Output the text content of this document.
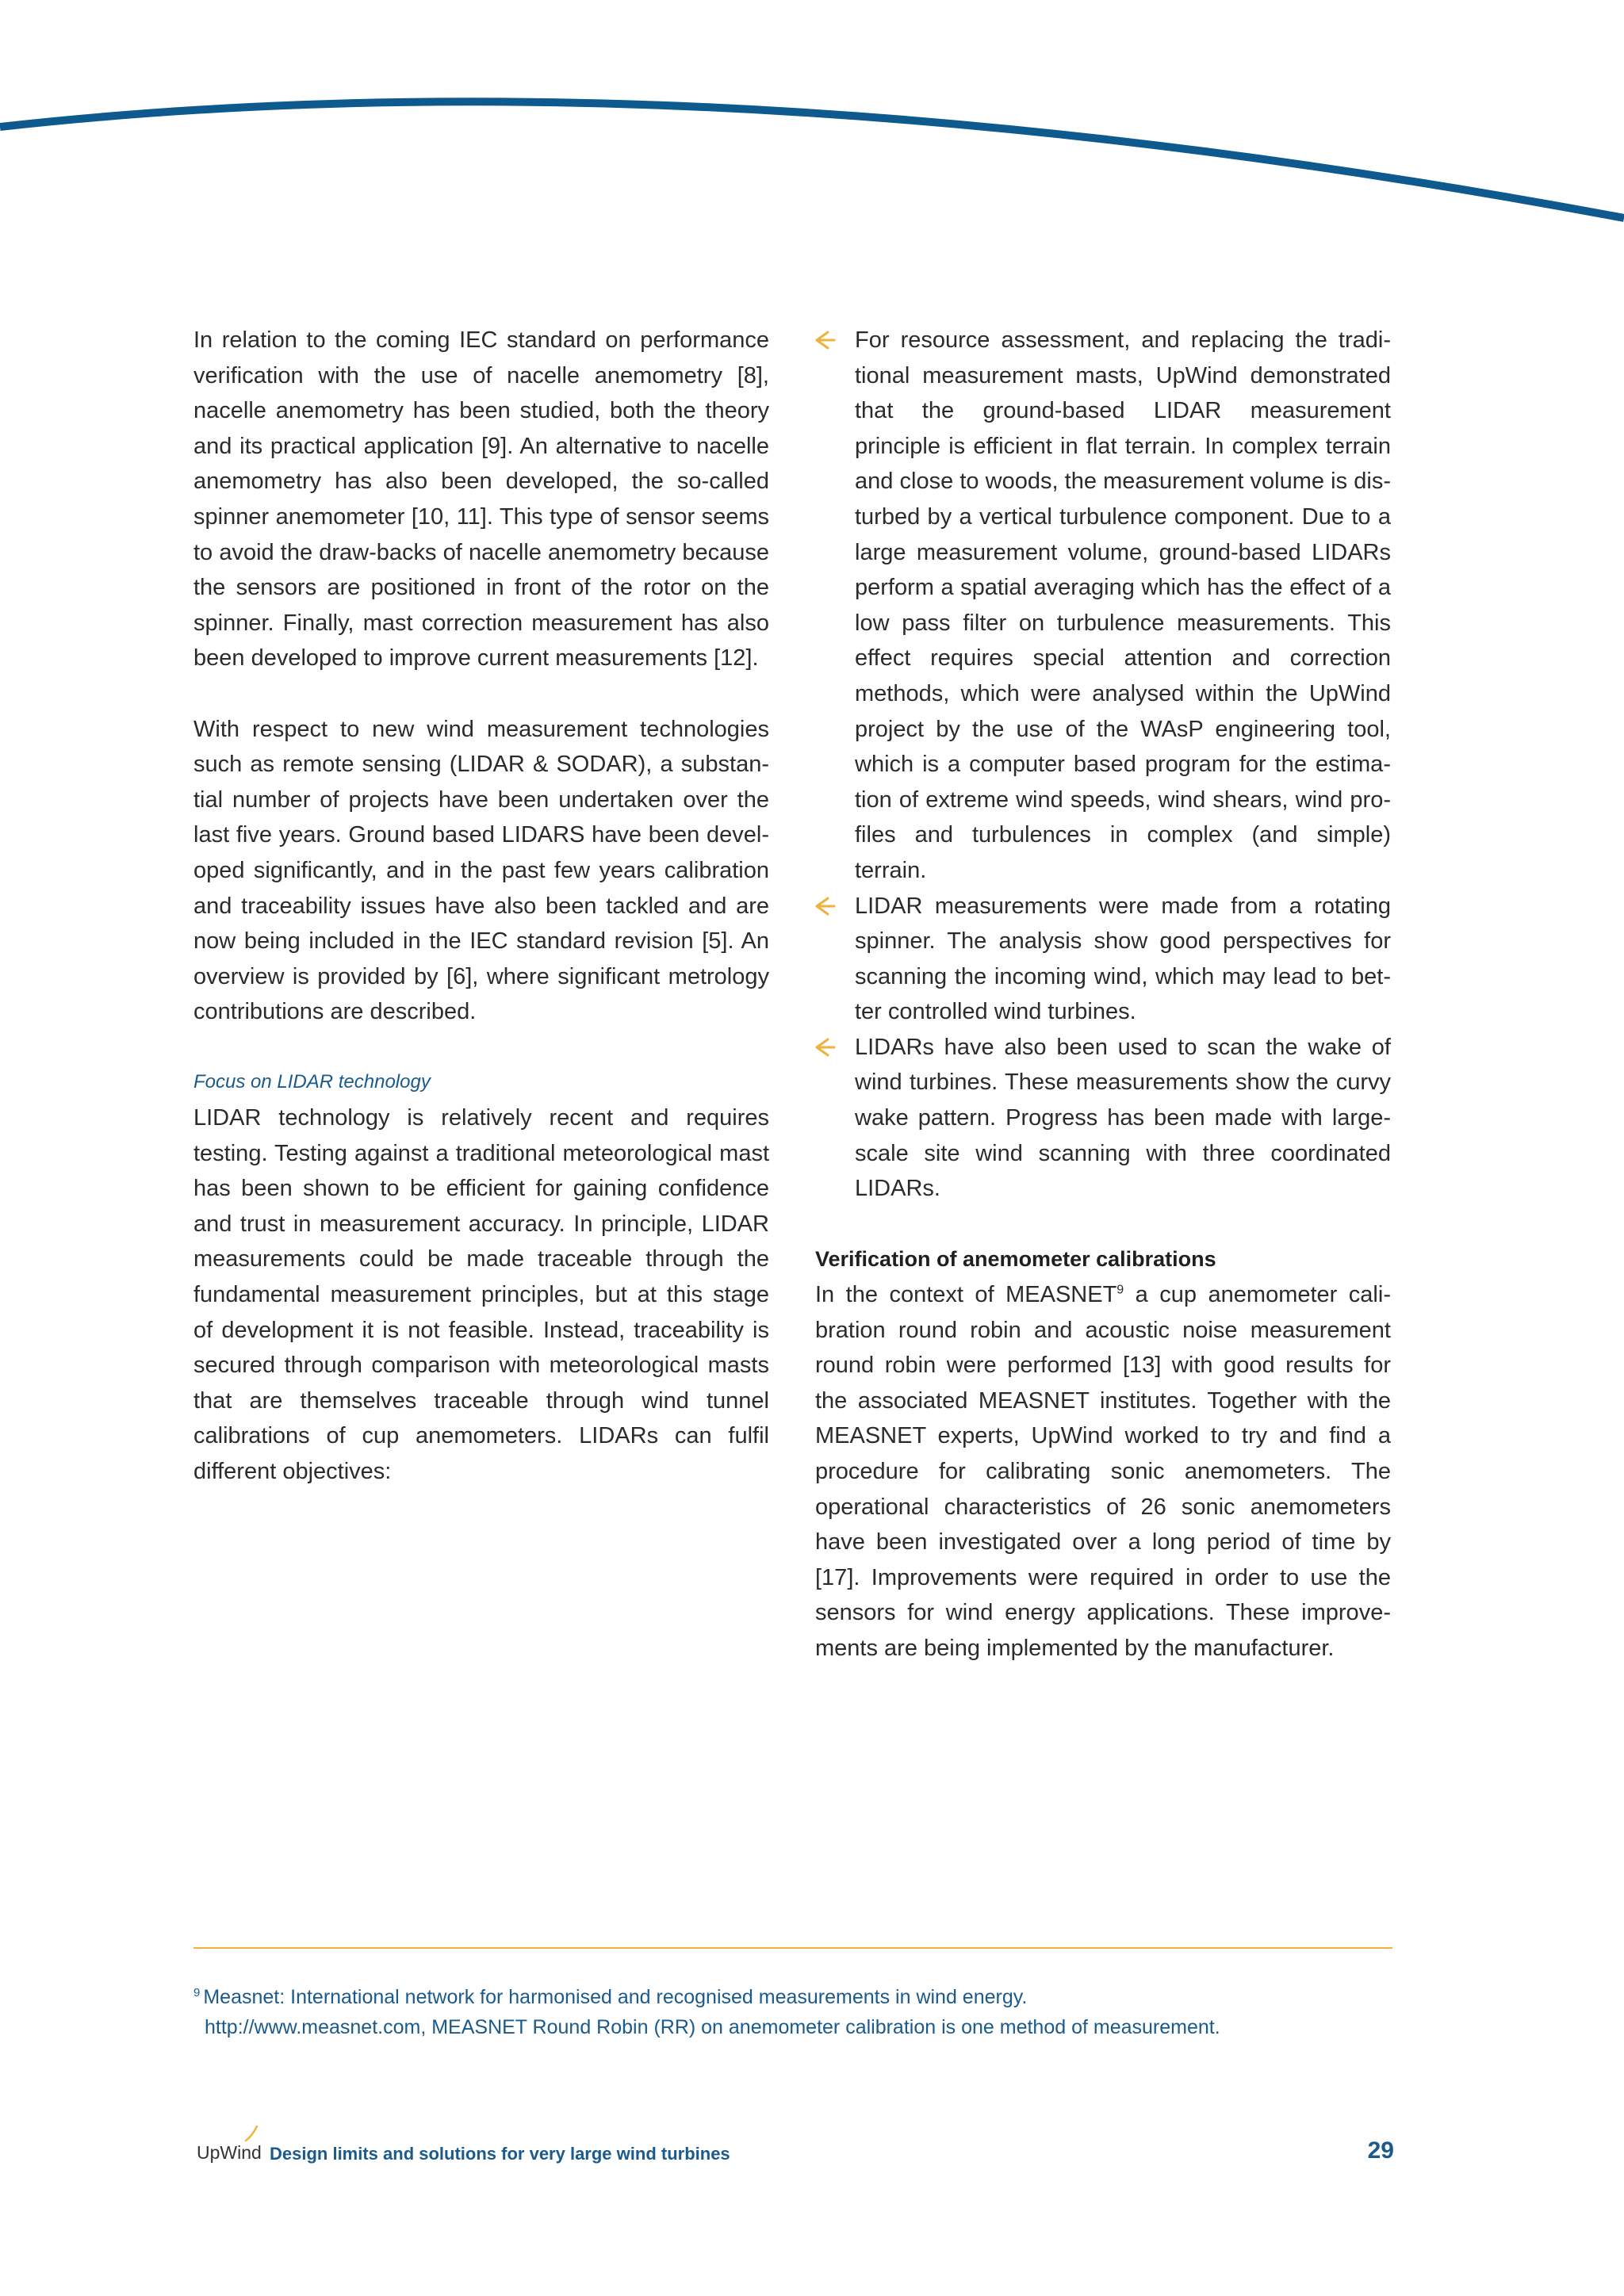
In relation to the coming IEC standard on performance verification with the use of nacelle anemometry [8], nacelle anemometry has been studied, both the theory and its practical application [9]. An alternative to nacelle anemometry has also been developed, the so-called spinner anemometer [10, 11]. This type of sensor seems to avoid the draw-backs of nacelle anemometry because the sensors are positioned in front of the rotor on the spinner. Finally, mast correction measurement has also been developed to improve current measurements [12].

With respect to new wind measurement technologies such as remote sensing (LIDAR & SODAR), a substantial number of projects have been undertaken over the last five years. Ground based LIDARS have been developed significantly, and in the past few years calibration and traceability issues have also been tackled and are now being included in the IEC standard revision [5]. An overview is provided by [6], where significant metrology contributions are described.

Focus on LIDAR technology

LIDAR technology is relatively recent and requires testing. Testing against a traditional meteorological mast has been shown to be efficient for gaining confidence and trust in measurement accuracy. In principle, LIDAR measurements could be made traceable through the fundamental measurement principles, but at this stage of development it is not feasible. Instead, traceability is secured through comparison with meteorological masts that are themselves traceable through wind tunnel calibrations of cup anemometers. LIDARs can fulfil different objectives:

For resource assessment, and replacing the traditional measurement masts, UpWind demonstrated that the ground-based LIDAR measurement principle is efficient in flat terrain. In complex terrain and close to woods, the measurement volume is disturbed by a vertical turbulence component. Due to a large measurement volume, ground-based LIDARs perform a spatial averaging which has the effect of a low pass filter on turbulence measurements. This effect requires special attention and correction methods, which were analysed within the UpWind project by the use of the WAsP engineering tool, which is a computer based program for the estimation of extreme wind speeds, wind shears, wind profiles and turbulences in complex (and simple) terrain.
LIDAR measurements were made from a rotating spinner. The analysis show good perspectives for scanning the incoming wind, which may lead to better controlled wind turbines.
LIDARs have also been used to scan the wake of wind turbines. These measurements show the curvy wake pattern. Progress has been made with large-scale site wind scanning with three coordinated LIDARs.
Verification of anemometer calibrations

In the context of MEASNET$^9$ a cup anemometer calibration round robin and acoustic noise measurement round robin were performed [13] with good results for the associated MEASNET institutes. Together with the MEASNET experts, UpWind worked to try and find a procedure for calibrating sonic anemometers. The operational characteristics of 26 sonic anemometers have been investigated over a long period of time by [17]. Improvements were required in order to use the sensors for wind energy applications. These improvements are being implemented by the manufacturer.

$^9$ Measnet: International network for harmonised and recognised measurements in wind energy.
http://www.measnet.com, MEASNET Round Robin (RR) on anemometer calibration is one method of measurement.
UpWind Design limits and solutions for very large wind turbines	29
